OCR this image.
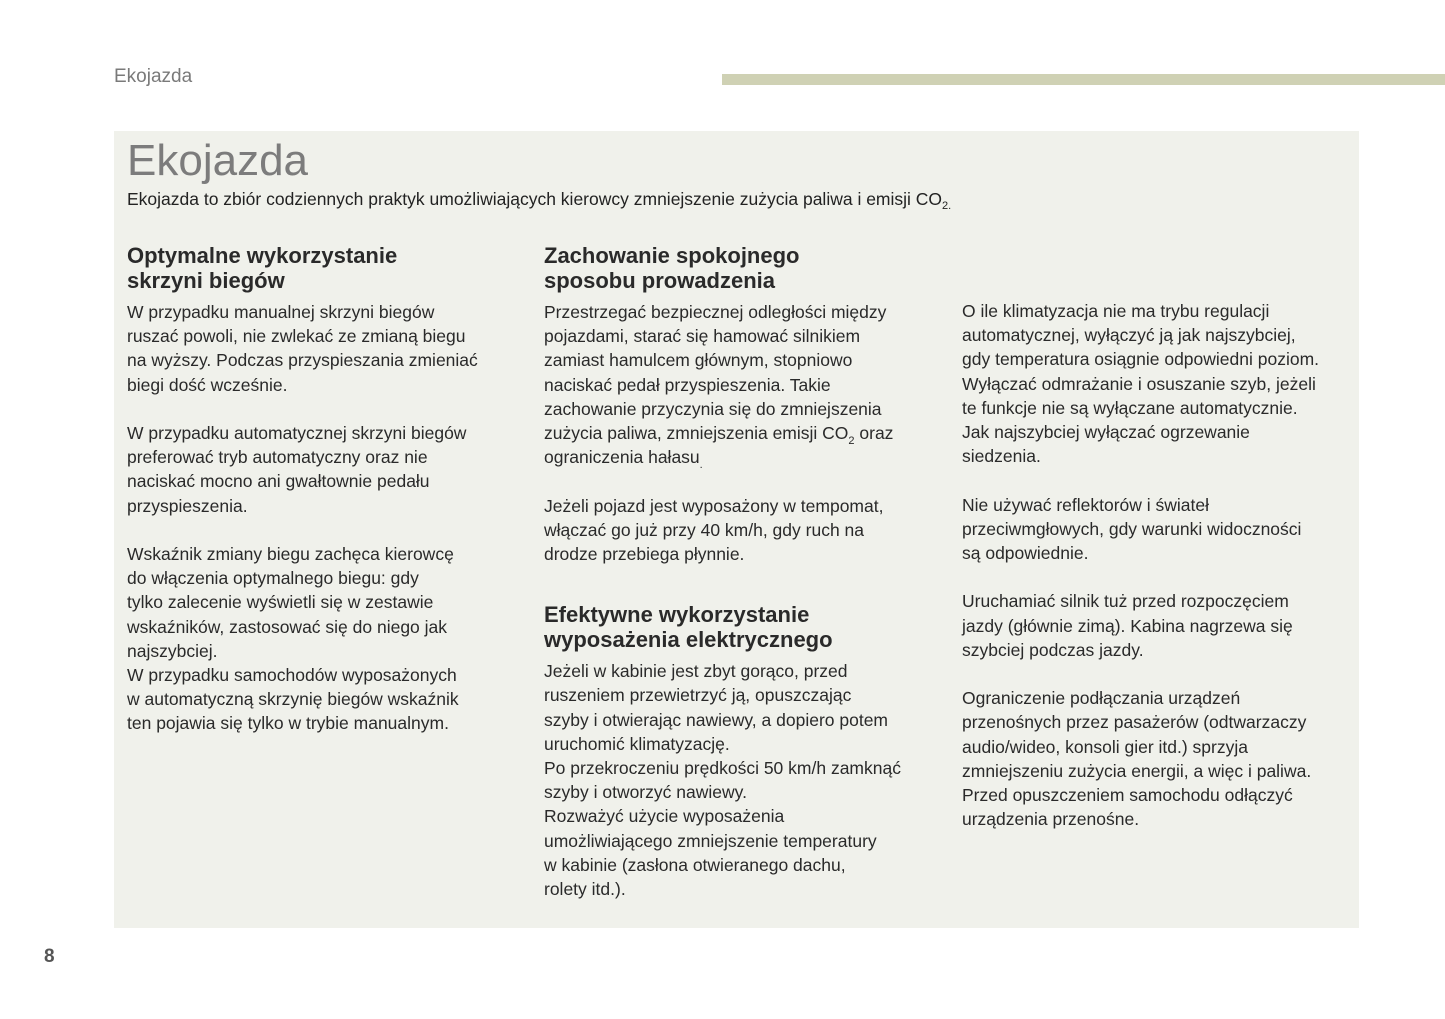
Ekojazda
Ekojazda
Ekojazda to zbiór codziennych praktyk umożliwiających kierowcy zmniejszenie zużycia paliwa i emisji $CO_{2.}$
Optymalne wykorzystanie
skrzyni biegów

W przypadku manualnej skrzyni biegów
ruszać powoli, nie zwlekać ze zmianą biegu
na wyższy. Podczas przyspieszania zmieniać
biegi dość wcześnie.

W przypadku automatycznej skrzyni biegów
preferować tryb automatyczny oraz nie
naciskać mocno ani gwałtownie pedału
przyspieszenia.

Wskaźnik zmiany biegu zachęca kierowcę
do włączenia optymalnego biegu: gdy
tylko zalecenie wyświetli się w zestawie
wskaźników, zastosować się do niego jak
najszybciej.
W przypadku samochodów wyposażonych
w automatyczną skrzynię biegów wskaźnik
ten pojawia się tylko w trybie manualnym.

Zachowanie spokojnego
sposobu prowadzenia

Przestrzegać bezpiecznej odległości między
pojazdami, starać się hamować silnikiem
zamiast hamulcem głównym, stopniowo
naciskać pedał przyspieszenia. Takie
zachowanie przyczynia się do zmniejszenia
zużycia paliwa, zmniejszenia emisji $CO_2$ oraz
ograniczenia hałasu$_.$

Jeżeli pojazd jest wyposażony w tempomat,
włączać go już przy 40 km/h, gdy ruch na
drodze przebiega płynnie.

Efektywne wykorzystanie
wyposażenia elektrycznego

Jeżeli w kabinie jest zbyt gorąco, przed
ruszeniem przewietrzyć ją, opuszczając
szyby i otwierając nawiewy, a dopiero potem
uruchomić klimatyzację.
Po przekroczeniu prędkości 50 km/h zamknąć
szyby i otworzyć nawiewy.
Rozważyć użycie wyposażenia
umożliwiającego zmniejszenie temperatury
w kabinie (zasłona otwieranego dachu,
rolety itd.).

O ile klimatyzacja nie ma trybu regulacji
automatycznej, wyłączyć ją jak najszybciej,
gdy temperatura osiągnie odpowiedni poziom.
Wyłączać odmrażanie i osuszanie szyb, jeżeli
te funkcje nie są wyłączane automatycznie.
Jak najszybciej wyłączać ogrzewanie
siedzenia.

Nie używać reflektorów i świateł
przeciwmgłowych, gdy warunki widoczności
są odpowiednie.

Uruchamiać silnik tuż przed rozpoczęciem
jazdy (głównie zimą). Kabina nagrzewa się
szybciej podczas jazdy.

Ograniczenie podłączania urządzeń
przenośnych przez pasażerów (odtwarzaczy
audio/wideo, konsoli gier itd.) sprzyja
zmniejszeniu zużycia energii, a więc i paliwa.
Przed opuszczeniem samochodu odłączyć
urządzenia przenośne.

8
